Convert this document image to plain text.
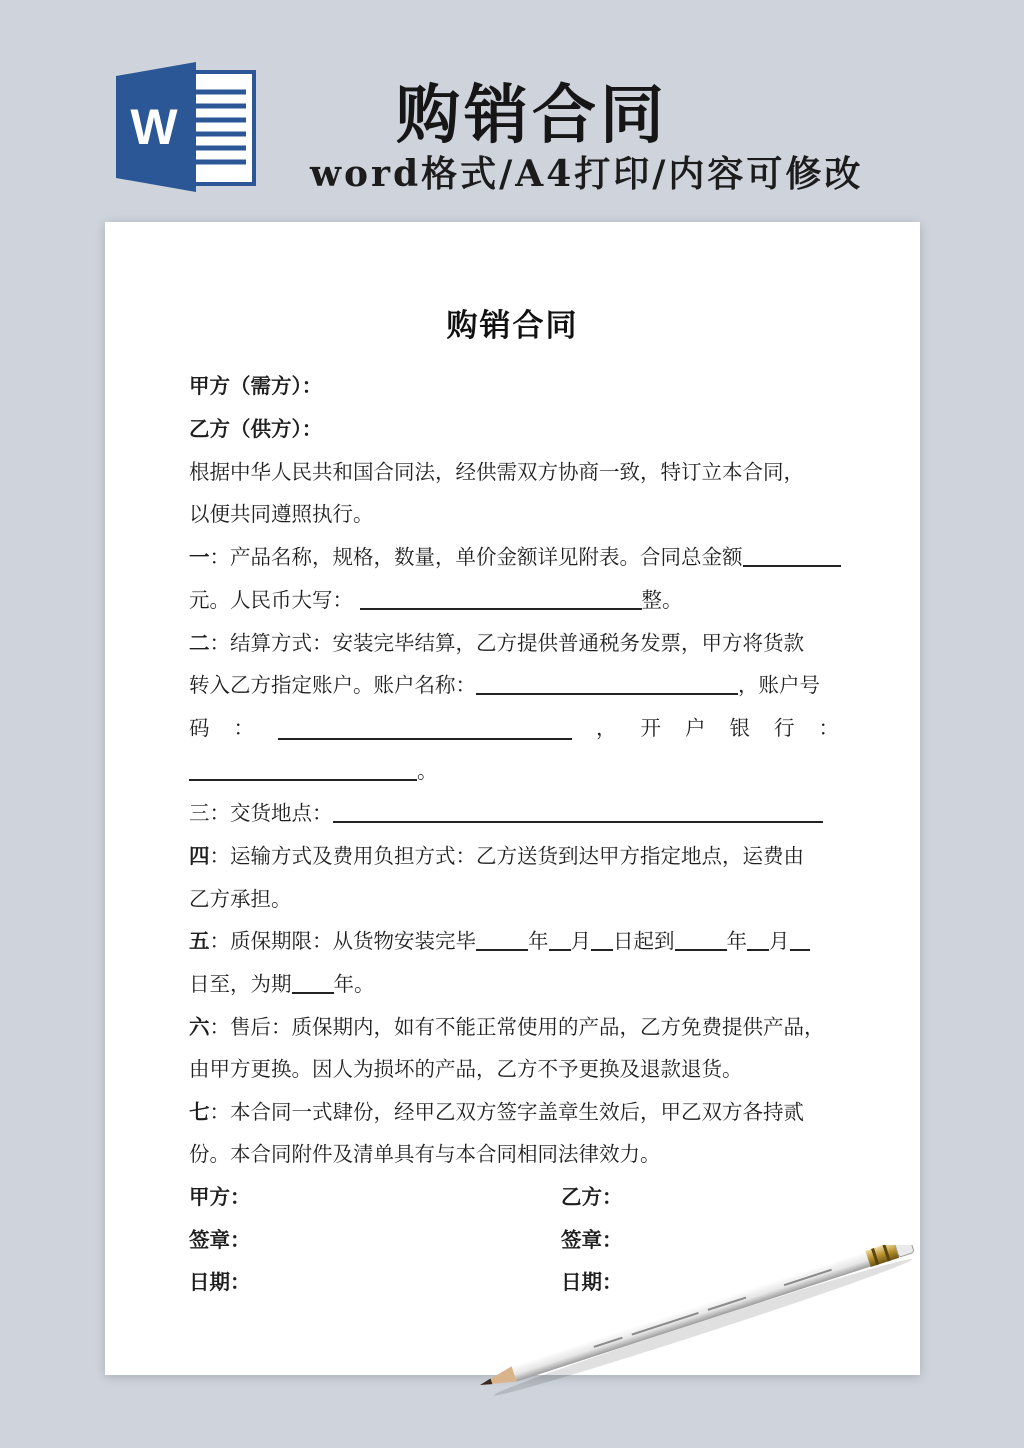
W	购销合同

word格式/A4打印/内容可修改

购销合同
甲方（需方）：
乙方（供方）：
根据中华人民共和国合同法，经供需双方协商一致，特订立本合同，
以便共同遵照执行。
一：产品名称，规格，数量，单价金额详见附表。合同总金额
元。人民币大写：	整。
二：结算方式：安装完毕结算，乙方提供普通税务发票，甲方将货款
转入乙方指定账户。账户名称：	，账户号
码 ：	， 开 户 银 行 ：
。
三：交货地点：
四：运输方式及费用负担方式：乙方送货到达甲方指定地点，运费由
乙方承担。
五：质保期限：从货物安装完毕	年 月 日起到	年 月
日至，为期 年。
六：售后：质保期内，如有不能正常使用的产品，乙方免费提供产品，
由甲方更换。因人为损坏的产品，乙方不予更换及退款退货。
七：本合同一式肆份，经甲乙双方签字盖章生效后，甲乙双方各持贰
份。本合同附件及清单具有与本合同相同法律效力。
甲方：	乙方：
签章：	签章：
日期：	日期：
